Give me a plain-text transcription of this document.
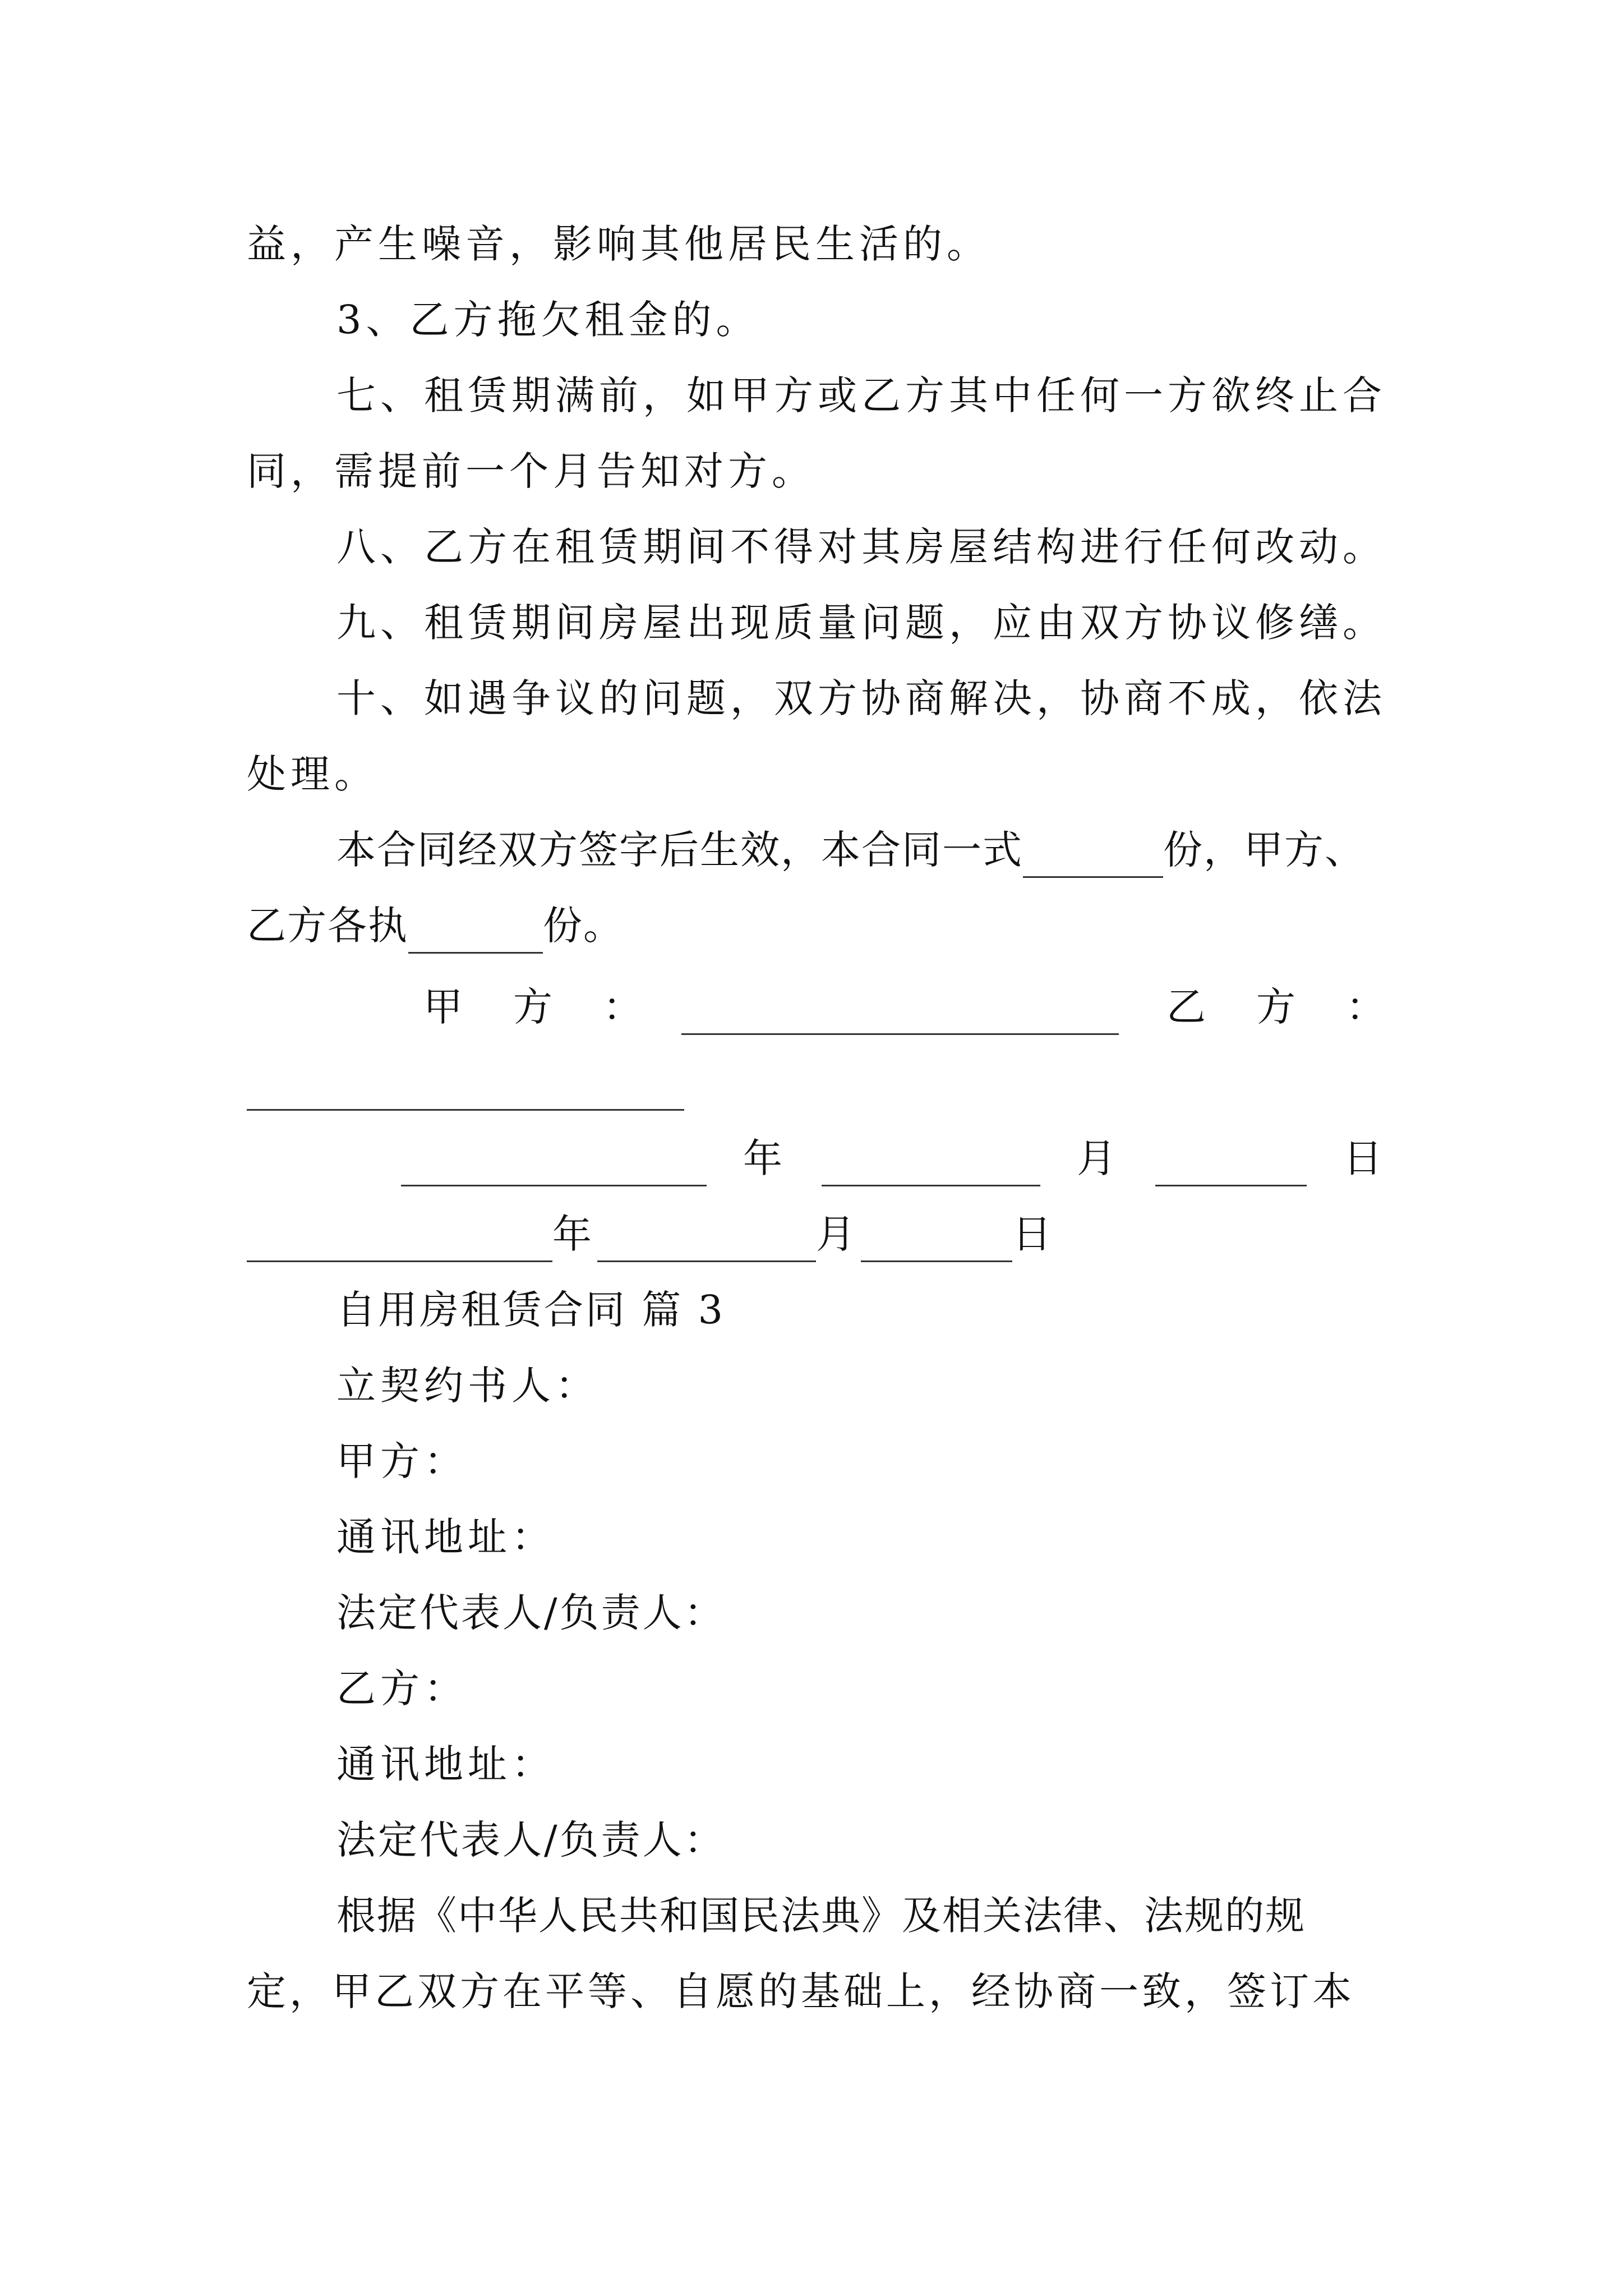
益，产生噪音，影响其他居民生活的。
3、乙方拖欠租金的。
七、租赁期满前，如甲方或乙方其中任何一方欲终止合
同，需提前一个月告知对方。
八、乙方在租赁期间不得对其房屋结构进行任何改动。
九、租赁期间房屋出现质量问题，应由双方协议修缮。
十、如遇争议的问题，双方协商解决，协商不成，依法
处理。
本合同经双方签字后生效，本合同一式	份，甲方、
乙方各执	份。
甲　方　：	乙　方　：
年	月	日
年	月	日
自用房租赁合同 篇 3
立契约书人：
甲方：
通讯地址：
法定代表人/负责人：
乙方：
通讯地址：
法定代表人/负责人：
根据《中华人民共和国民法典》及相关法律、法规的规
定，甲乙双方在平等、自愿的基础上，经协商一致，签订本
